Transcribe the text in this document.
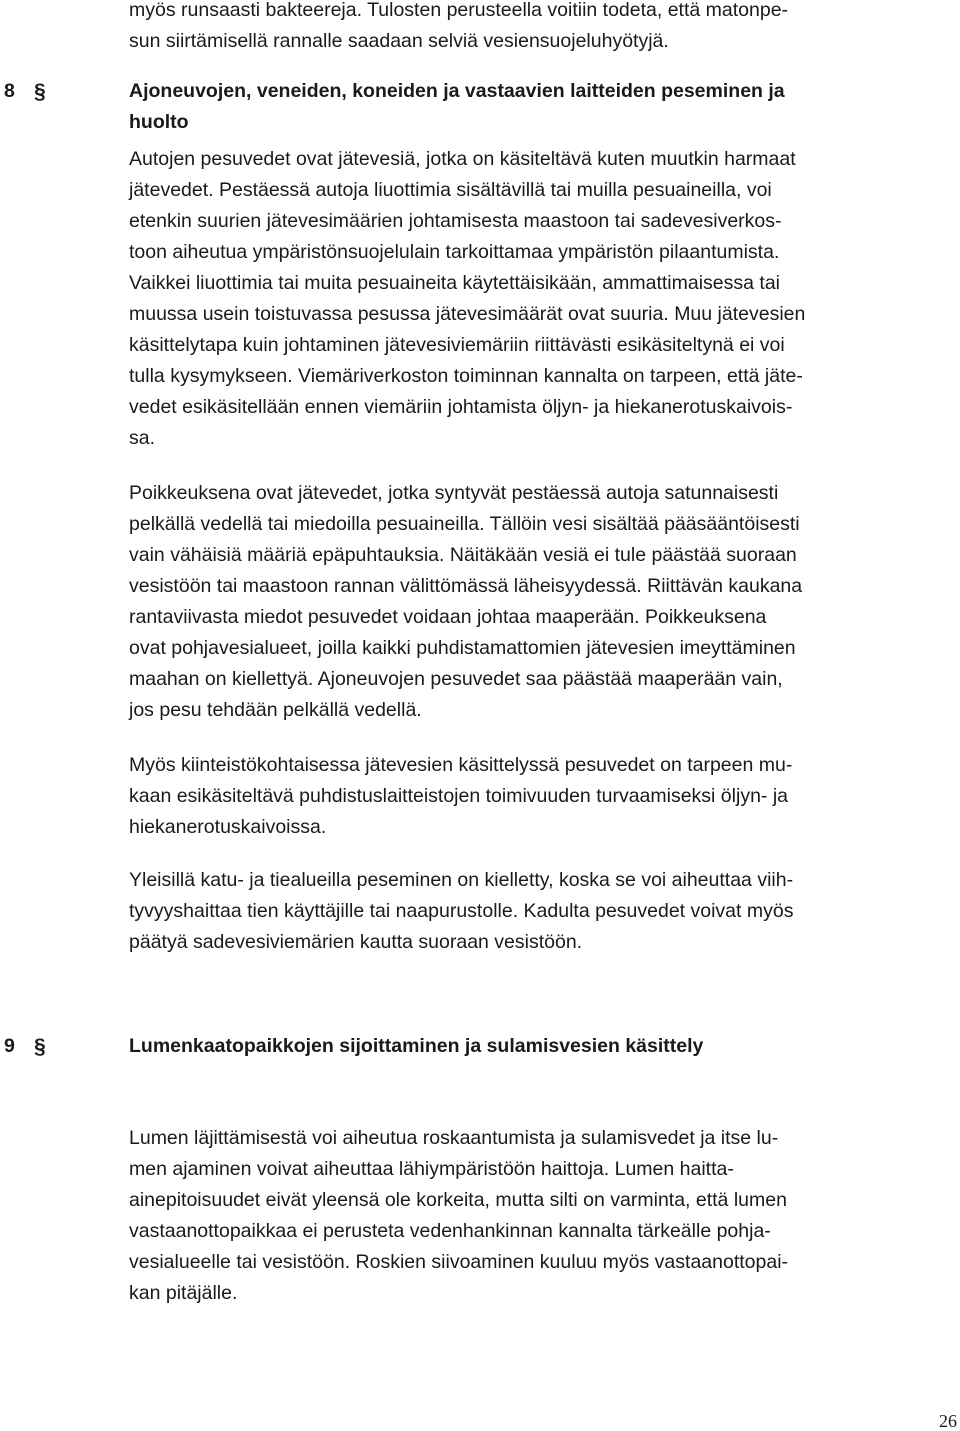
myös runsaasti bakteereja. Tulosten perusteella voitiin todeta, että matonpe-
sun siirtämisellä rannalle saadaan selviä vesiensuojeluhyötyjä.
8 §	Ajoneuvojen, veneiden, koneiden ja vastaavien laitteiden peseminen ja
huolto
Autojen pesuvedet ovat jätevesiä, jotka on käsiteltävä kuten muutkin harmaat
jätevedet. Pestäessä autoja liuottimia sisältävillä tai muilla pesuaineilla, voi
etenkin suurien jätevesimäärien johtamisesta maastoon tai sadevesiverkos-
toon aiheutua ympäristönsuojelulain tarkoittamaa ympäristön pilaantumista.
Vaikkei liuottimia tai muita pesuaineita käytettäisikään, ammattimaisessa tai
muussa usein toistuvassa pesussa jätevesimäärät ovat suuria. Muu jätevesien
käsittelytapa kuin johtaminen jätevesiviemäriin riittävästi esikäsiteltynä ei voi
tulla kysymykseen. Viemäriverkoston toiminnan kannalta on tarpeen, että jäte-
vedet esikäsitellään ennen viemäriin johtamista öljyn- ja hiekanerotuskaivois-
sa.
Poikkeuksena ovat jätevedet, jotka syntyvät pestäessä autoja satunnaisesti
pelkällä vedellä tai miedoilla pesuaineilla. Tällöin vesi sisältää pääsääntöisesti
vain vähäisiä määriä epäpuhtauksia. Näitäkään vesiä ei tule päästää suoraan
vesistöön tai maastoon rannan välittömässä läheisyydessä. Riittävän kaukana
rantaviivasta miedot pesuvedet voidaan johtaa maaperään. Poikkeuksena
ovat pohjavesialueet, joilla kaikki puhdistamattomien jätevesien imeyttäminen
maahan on kiellettyä. Ajoneuvojen pesuvedet saa päästää maaperään vain,
jos pesu tehdään pelkällä vedellä.
Myös kiinteistökohtaisessa jätevesien käsittelyssä pesuvedet on tarpeen mu-
kaan esikäsiteltävä puhdistuslaitteistojen toimivuuden turvaamiseksi öljyn- ja
hiekanerotuskaivoissa.
Yleisillä katu- ja tiealueilla peseminen on kielletty, koska se voi aiheuttaa viih-
tyvyyshaittaa tien käyttäjille tai naapurustolle. Kadulta pesuvedet voivat myös
päätyä sadevesiviemärien kautta suoraan vesistöön.
9 §	Lumenkaatopaikkojen sijoittaminen ja sulamisvesien käsittely
Lumen läjittämisestä voi aiheutua roskaantumista ja sulamisvedet ja itse lu-
men ajaminen voivat aiheuttaa lähiympäristöön haittoja. Lumen haitta-
ainepitoisuudet eivät yleensä ole korkeita, mutta silti on varminta, että lumen
vastaanottopaikkaa ei perusteta vedenhankinnan kannalta tärkeälle pohja-
vesialueelle tai vesistöön. Roskien siivoaminen kuuluu myös vastaanottopai-
kan pitäjälle.
26
